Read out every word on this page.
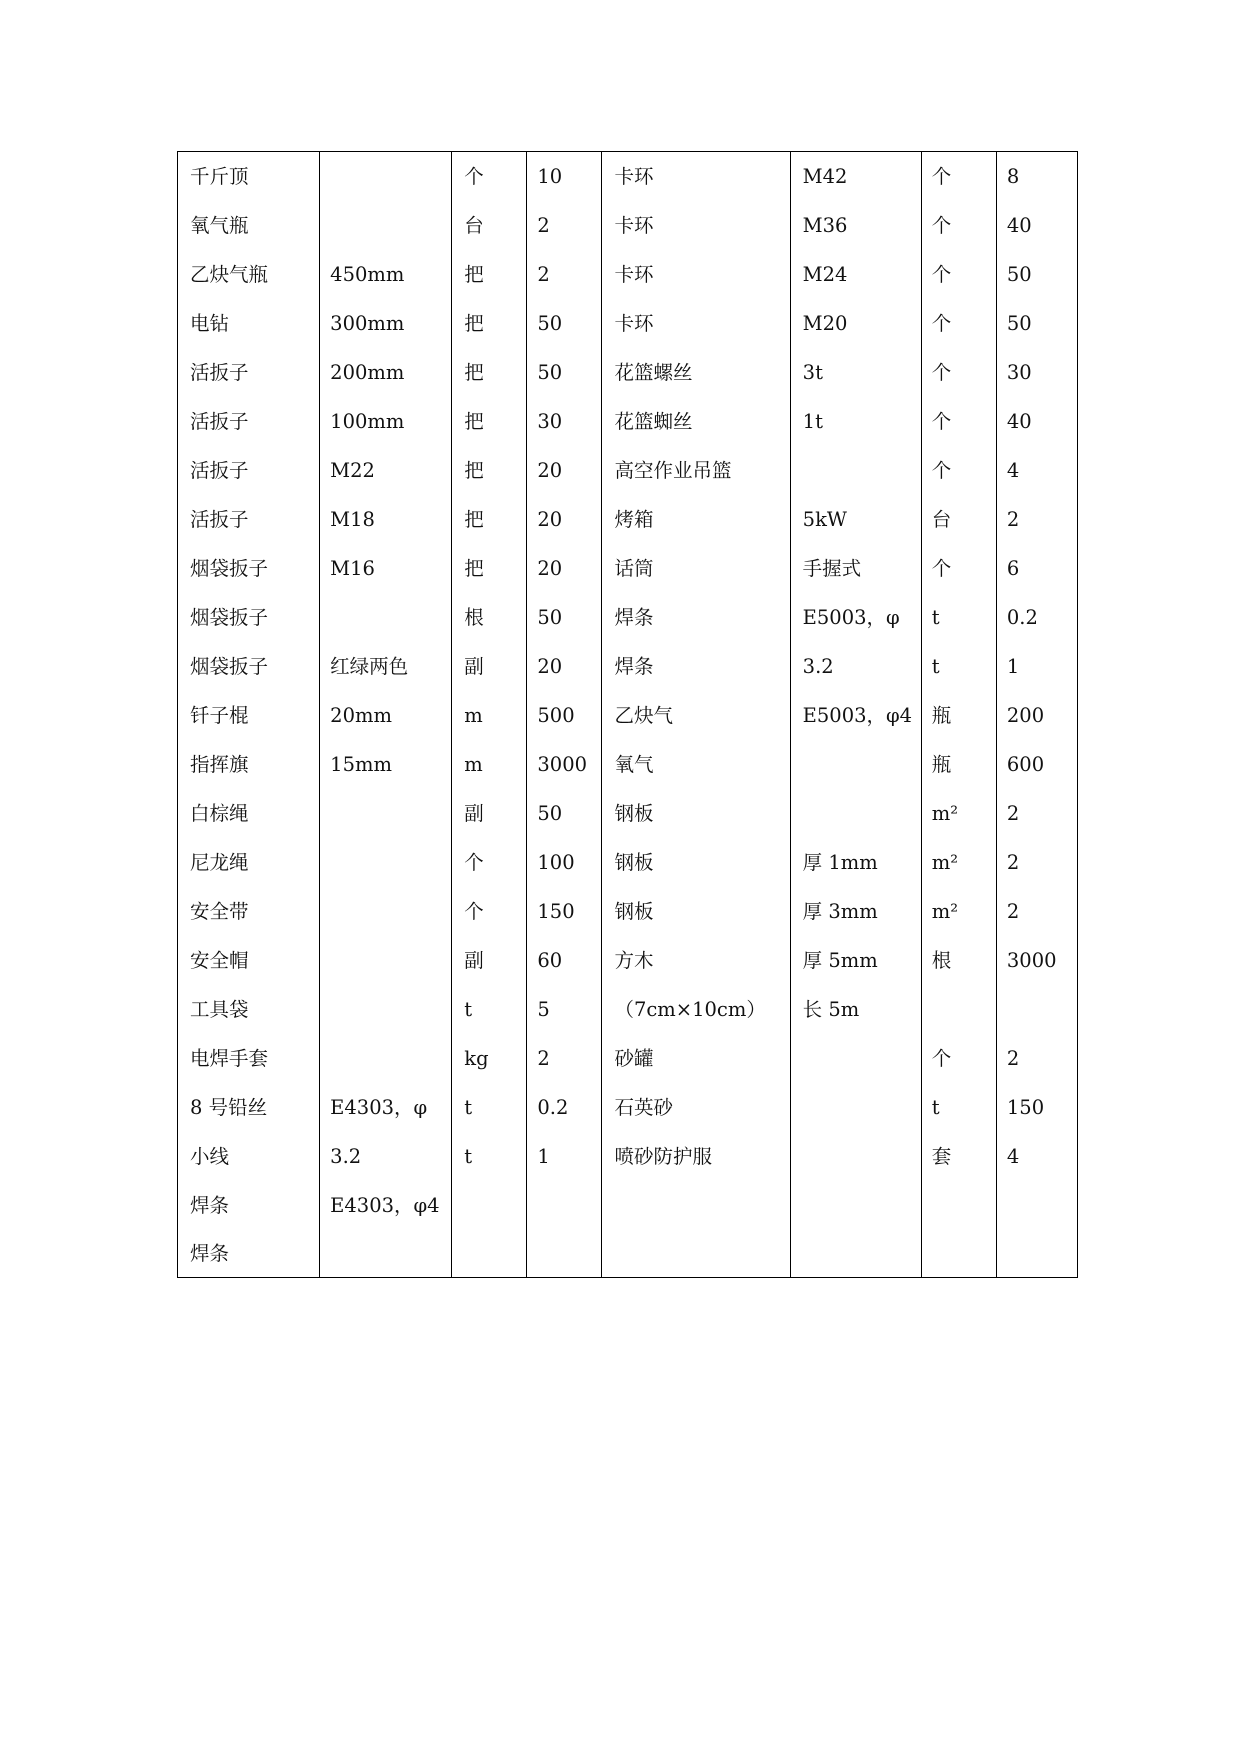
千斤顶		个	10	卡环	M42	个	8
氧气瓶		台	2	卡环	M36	个	40
乙炔气瓶	450mm	把	2	卡环	M24	个	50
电钻	300mm	把	50	卡环	M20	个	50
活扳子	200mm	把	50	花篮螺丝	3t	个	30
活扳子	100mm	把	30	花篮蜘丝	1t	个	40
活扳子	M22	把	20	高空作业吊篮		个	4
活扳子	M18	把	20	烤箱	5kW	台	2
烟袋扳子	M16	把	20	话筒	手握式	个	6
烟袋扳子		根	50	焊条	E5003，φ	t	0.2
烟袋扳子	红绿两色	副	20	焊条	3.2	t	1
钎子棍	20mm	m	500	乙炔气	E5003，φ4	瓶	200
指挥旗	15mm	m	3000	氧气		瓶	600
白棕绳		副	50	钢板		m²	2
尼龙绳		个	100	钢板	厚 1mm	m²	2
安全带		个	150	钢板	厚 3mm	m²	2
安全帽		副	60	方木	厚 5mm	根	3000
工具袋		t	5	（7cm×10cm）	长 5m		
电焊手套		kg	2	砂罐		个	2
8 号铅丝	E4303，φ	t	0.2	石英砂		t	150
小线	3.2	t	1	喷砂防护服		套	4
焊条	E4303，φ4						
焊条							
